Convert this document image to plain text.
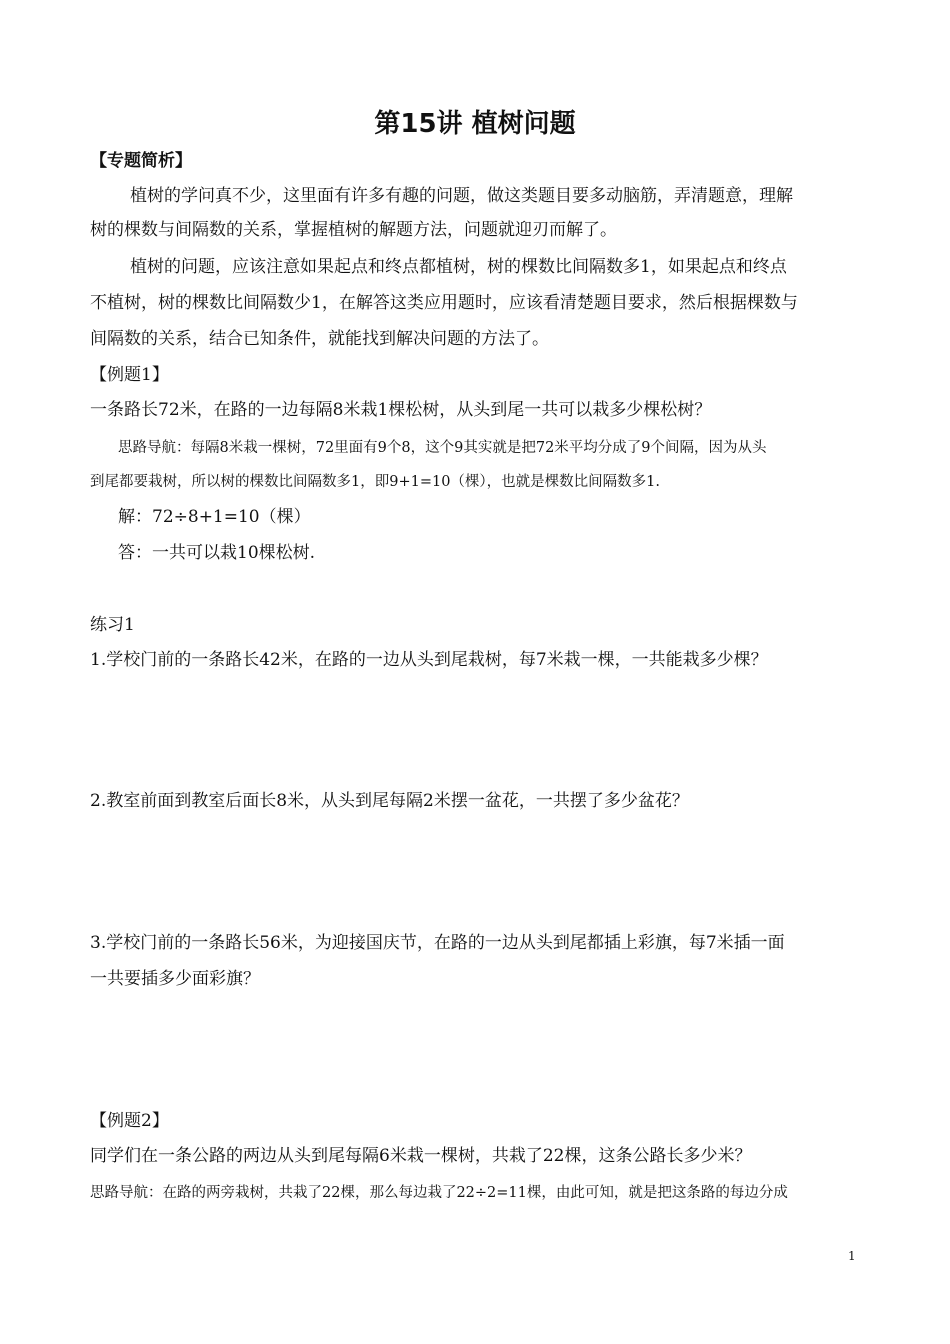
第15讲 植树问题
【专题简析】
植树的学问真不少，这里面有许多有趣的问题，做这类题目要多动脑筋，弄清题意，理解
树的棵数与间隔数的关系，掌握植树的解题方法，问题就迎刃而解了。
植树的问题，应该注意如果起点和终点都植树，树的棵数比间隔数多1，如果起点和终点
不植树，树的棵数比间隔数少1，在解答这类应用题时，应该看清楚题目要求，然后根据棵数与
间隔数的关系，结合已知条件，就能找到解决问题的方法了。
【例题1】
一条路长72米，在路的一边每隔8米栽1棵松树，从头到尾一共可以栽多少棵松树？
思路导航：每隔8米栽一棵树，72里面有9个8，这个9其实就是把72米平均分成了9个间隔，因为从头
到尾都要栽树，所以树的棵数比间隔数多1，即9+1=10（棵），也就是棵数比间隔数多1.
解：72÷8+1=10（棵）
答：一共可以栽10棵松树.
练习1
1.学校门前的一条路长42米，在路的一边从头到尾栽树，每7米栽一棵，一共能栽多少棵？
2.教室前面到教室后面长8米，从头到尾每隔2米摆一盆花，一共摆了多少盆花？
3.学校门前的一条路长56米，为迎接国庆节，在路的一边从头到尾都插上彩旗，每7米插一面
一共要插多少面彩旗？
【例题2】
同学们在一条公路的两边从头到尾每隔6米栽一棵树，共栽了22棵，这条公路长多少米？
思路导航：在路的两旁栽树，共栽了22棵，那么每边栽了22÷2=11棵，由此可知，就是把这条路的每边分成
1
